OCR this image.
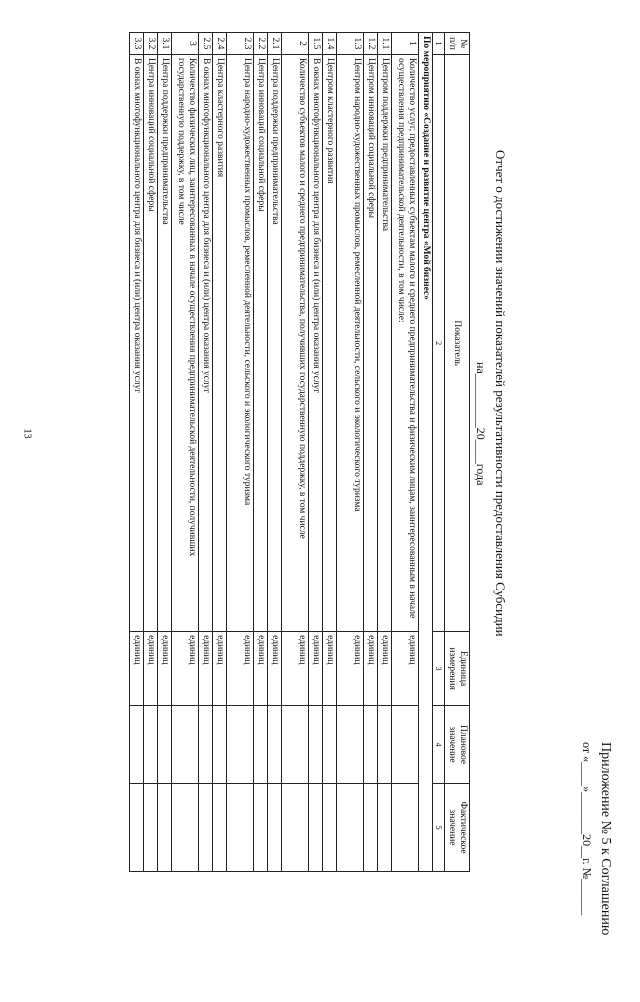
13
Приложение № 5 к Соглашению
от «____»_______20__г. №______
Отчет о достижении значений показателей результативности предоставления Субсидии
на_________20____года
№ п/п	Показатель	Единица измерения	Плановое значение	Фактическое значение
1	2	3	4	5
По мероприятию «Создание и развитие центра «Мой бизнес»				
1	Количество услуг, предоставленных субъектам малого и среднего предпринимательства и физическим лицам, заинтересованным в начале осуществления предпринимательской деятельности, в том числе:	единиц		
1.1	Центром поддержки предпринимательства	единиц		
1.2	Центром инноваций социальной сферы	единиц		
1.3	Центром народно-художественных промыслов, ремесленной деятельности, сельского и экологического туризма	единиц		
1.4	Центром кластерного развития	единиц		
1.5	В окнах многофункционального центра для бизнеса и (или) центра оказания услуг	единиц		
2	Количество субъектов малого и среднего предпринимательства, получивших государственную поддержку, в том числе	единиц		
2.1	Центра поддержки предпринимательства	единиц		
2.2	Центра инноваций социальной сферы	единиц		
2.3	Центра народно-художественных промыслов, ремесленной деятельности, сельского и экологического туризма	единиц		
2.4	Центра кластерного развития	единиц		
2.5	В окнах многофункционального центра для бизнеса и (или) центра оказания услуг	единиц		
3	Количество физических лиц, заинтересованных в начале осуществления предпринимательской деятельности, получивших государственную поддержку, в том числе	единиц		
3.1	Центра поддержки предпринимательства	единиц		
3.2	Центра инноваций социальной сферы	единиц		
3.3	В окнах многофункционального центра для бизнеса и (или) центра оказания услуг	единиц		
